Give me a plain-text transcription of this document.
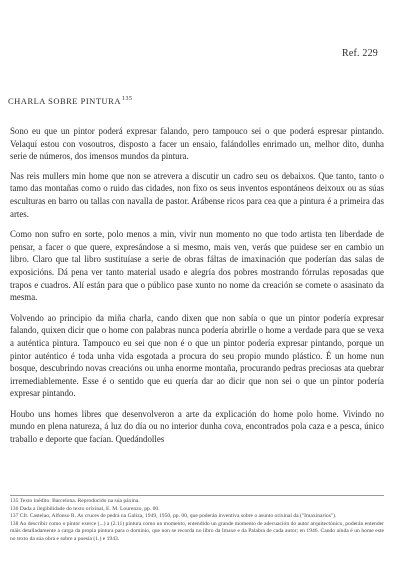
Ref. 229
CHARLA SOBRE PINTURA$^{135}$

Sono eu que un pintor poderá expresar falando, pero tampouco sei o que poderá espresar pintando. Velaquí estou con vosoutros, disposto a facer un ensaio, falándolles enrimado un, melhor dito, dunha serie de números, dos imensos mundos da pintura.

Nas reis mullers min home que non se atrevera a discutir un cadro seu os debaixos. Que tanto, tanto o tamo das montañas como o ruido das cidades, non fixo os seus inventos espontáneos deixoux ou as súas esculturas en barro ou tallas con navalla de pastor. Arábense ricos para cea que a pintura é a primeira das artes.

Como non sufro en sorte, polo menos a min, vivir nun momento no que todo artista ten liberdade de pensar, a facer o que quere, expresándose a si mesmo, mais ven, verás que puidese ser en cambio un libro. Claro que tal libro sustituíase a serie de obras fáltas de imaxinación que poderían das salas de exposicións. Dá pena ver tanto material usado e alegría dos pobres mostrando fórrulas reposadas que trapos e cuadros. Alí están para que o público pase xunto no nome da creación se comete o asasinato da mesma.

Volvendo ao principio da miña charla, cando dixen que non sabía o que un pintor podería expresar falando, quixen dicir que o home con palabras nunca podería abrirlle o home a verdade para que se vexa a auténtica pintura. Tampouco eu sei que non é o que un pintor podería expresar pintando, porque un pintor auténtico é toda unha vida esgotada a procura do seu propio mundo plástico. É un home nun bosque, descubrindo novas creacións ou unha enorme montaña, procurando pedras preciosas ata quebrar irremediablemente. Esse é o sentido que eu quería dar ao dicir que non sei o que un pintor podería expresar pintando.

Houbo uns homes libres que desenvolveron a arte da explicación do home polo home. Vivindo no mundo en plena natureza, á luz do día ou no interior dunha cova, encontrados pola caza e a pesca, único traballo e deporte que facían. Quedándolles

135 Texto inédito. Barcelona. Reproducido na súa páxina.

136 Dada a ilegibilidade do texto orixinal, E. M. Lourenzo, pp. 00.

137 Cfr. Castelao, Alfonso R. As cruces de pedra na Galiza, 1949, 1950, pp. 00, que poderán inventiva sobre o asunto orixinal da ("Imaxinarios").

138 Ao describir como o pintor exerce (...) a (2.11) pintura como un momento, entendido un grande momento de adecuación do autor arquitectónico, poderán entender máis detalladamente a carga da propia pintura para o dominio, que non se recorda no libro da Imaxe e da Palabra de cada autor; en 1946. Cando aínda é un home este no texto da súa obra e sobre a poesía (1.) e 1943.
